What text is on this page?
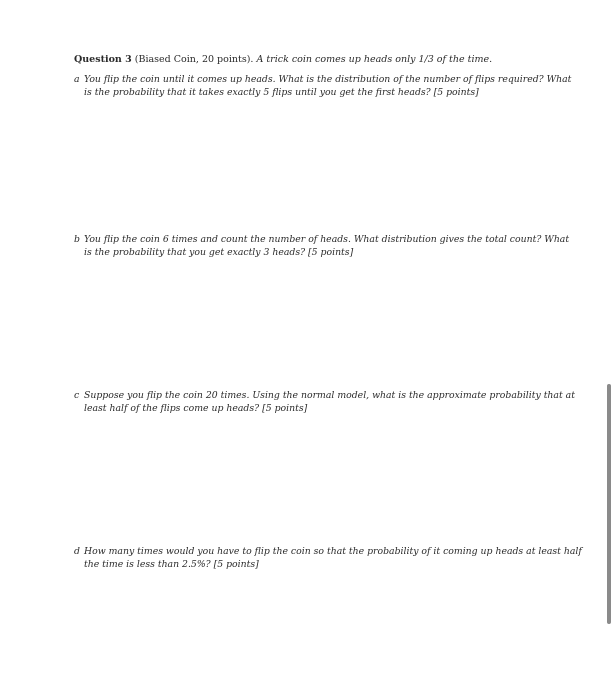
Question 3 (Biased Coin, 20 points). A trick coin comes up heads only 1/3 of the time.
a You flip the coin until it comes up heads. What is the distribution of the number of flips required? What
is the probability that it takes exactly 5 flips until you get the first heads? [5 points]
b You flip the coin 6 times and count the number of heads. What distribution gives the total count? What
is the probability that you get exactly 3 heads? [5 points]
c Suppose you flip the coin 20 times. Using the normal model, what is the approximate probability that at
least half of the flips come up heads? [5 points]
d How many times would you have to flip the coin so that the probability of it coming up heads at least half
the time is less than 2.5%? [5 points]
